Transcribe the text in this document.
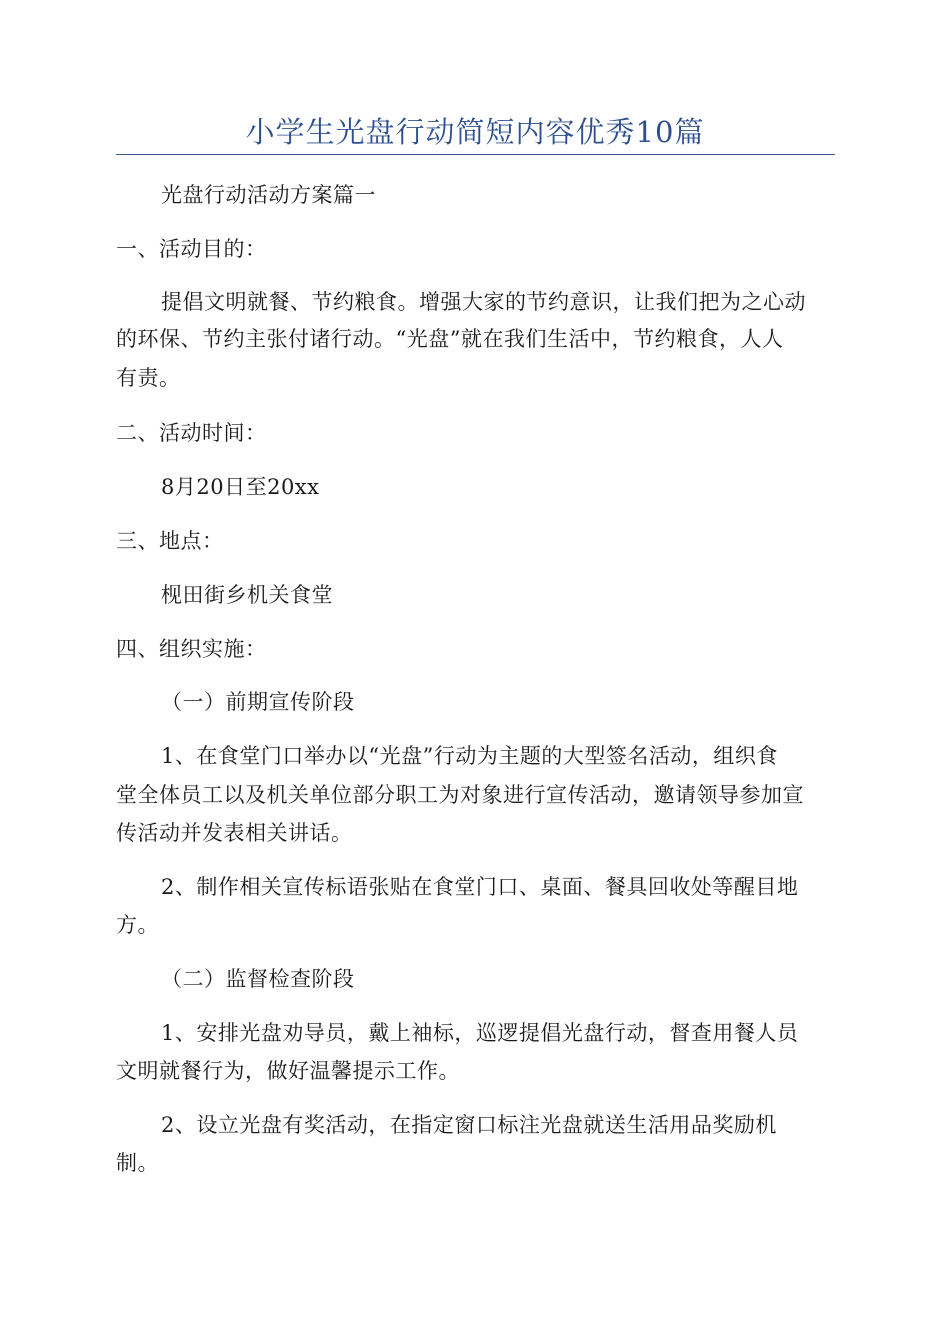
小学生光盘行动简短内容优秀10篇
光盘行动活动方案篇一
一、活动目的：
提倡文明就餐、节约粮食。增强大家的节约意识，让我们把为之心动
的环保、节约主张付诸行动。“光盘”就在我们生活中，节约粮食，人人
有责。
二、活动时间：
8月20日至20xx
三、地点：
枧田街乡机关食堂
四、组织实施：
（一）前期宣传阶段
1、在食堂门口举办以“光盘”行动为主题的大型签名活动，组织食
堂全体员工以及机关单位部分职工为对象进行宣传活动，邀请领导参加宣
传活动并发表相关讲话。
2、制作相关宣传标语张贴在食堂门口、桌面、餐具回收处等醒目地
方。
（二）监督检查阶段
1、安排光盘劝导员，戴上袖标，巡逻提倡光盘行动，督查用餐人员
文明就餐行为，做好温馨提示工作。
2、设立光盘有奖活动，在指定窗口标注光盘就送生活用品奖励机
制。
